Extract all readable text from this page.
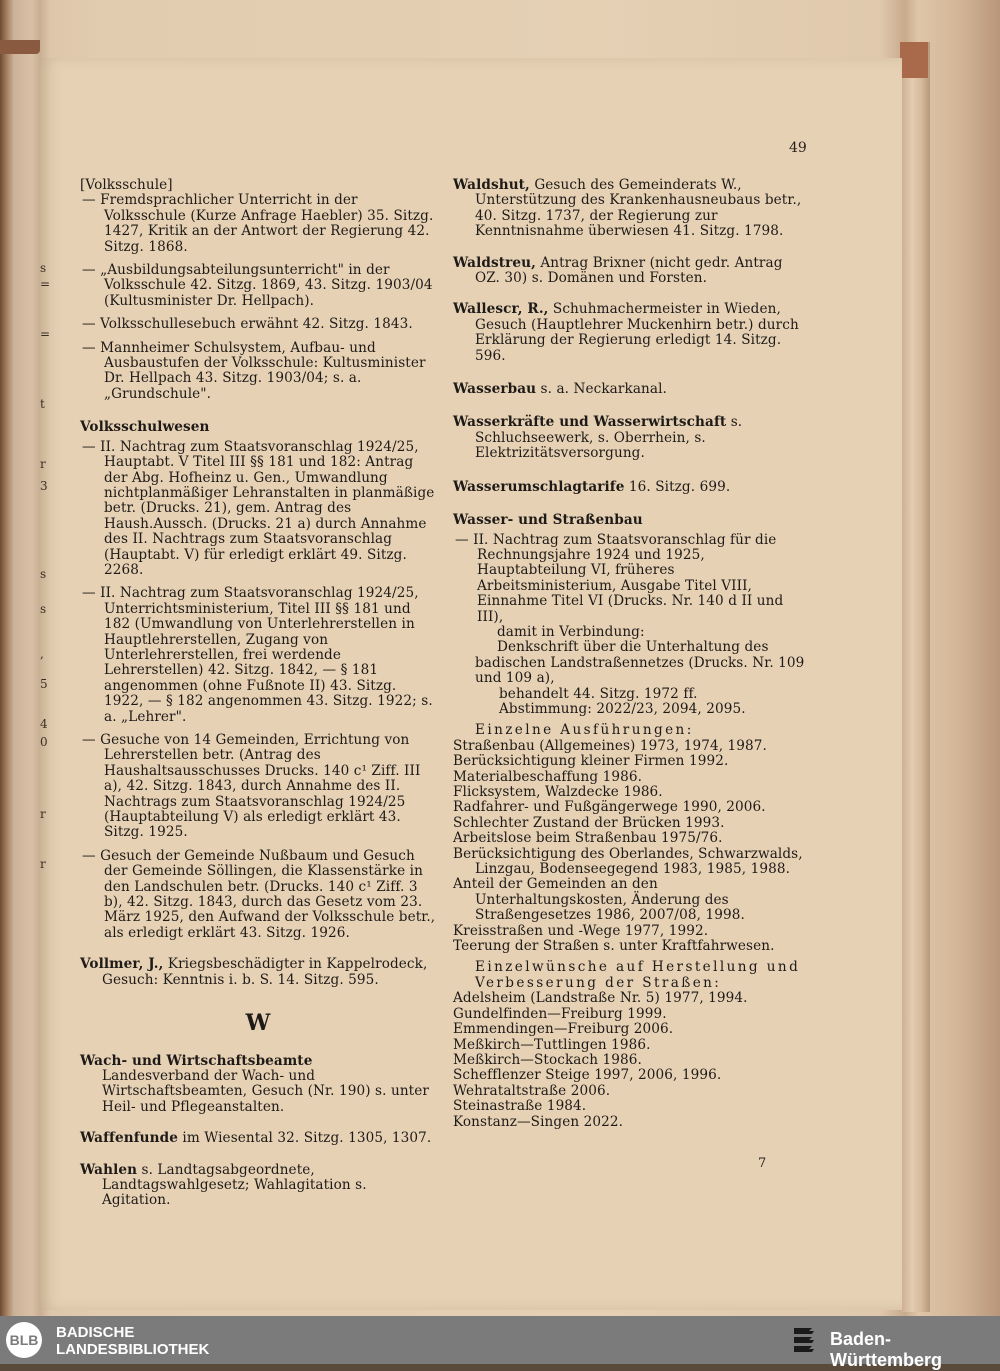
s
=
=
t
r
3
s
s
,
5
4
0
r
r
49

[Volksschule]

— Fremdsprachlicher Unterricht in der Volksschule (Kurze Anfrage Haebler) 35. Sitzg. 1427, Kritik an der Antwort der Regierung 42. Sitzg. 1868.

— „Ausbildungsabteilungsunterricht" in der Volksschule 42. Sitzg. 1869, 43. Sitzg. 1903/04 (Kultusminister Dr. Hellpach).

— Volksschullesebuch erwähnt 42. Sitzg. 1843.

— Mannheimer Schulsystem, Aufbau- und Ausbaustufen der Volksschule: Kultusminister Dr. Hellpach 43. Sitzg. 1903/04; s. a. „Grundschule".

Volksschulwesen

— II. Nachtrag zum Staatsvoranschlag 1924/25, Hauptabt. V Titel III §§ 181 und 182: Antrag der Abg. Hofheinz u. Gen., Umwandlung nichtplanmäßiger Lehranstalten in planmäßige betr. (Drucks. 21), gem. Antrag des Haush.Aussch. (Drucks. 21 a) durch Annahme des II. Nachtrags zum Staatsvoranschlag (Hauptabt. V) für erledigt erklärt 49. Sitzg. 2268.

— II. Nachtrag zum Staatsvoranschlag 1924/25, Unterrichtsministerium, Titel III §§ 181 und 182 (Umwandlung von Unterlehrerstellen in Hauptlehrerstellen, Zugang von Unterlehrerstellen, frei werdende Lehrerstellen) 42. Sitzg. 1842, — § 181 angenommen (ohne Fußnote II) 43. Sitzg. 1922, — § 182 angenommen 43. Sitzg. 1922; s. a. „Lehrer".

— Gesuche von 14 Gemeinden, Errichtung von Lehrerstellen betr. (Antrag des Haushaltsausschusses Drucks. 140 c¹ Ziff. III a), 42. Sitzg. 1843, durch Annahme des II. Nachtrags zum Staatsvoranschlag 1924/25 (Hauptabteilung V) als erledigt erklärt 43. Sitzg. 1925.

— Gesuch der Gemeinde Nußbaum und Gesuch der Gemeinde Söllingen, die Klassenstärke in den Landschulen betr. (Drucks. 140 c¹ Ziff. 3 b), 42. Sitzg. 1843, durch das Gesetz vom 23. März 1925, den Aufwand der Volksschule betr., als erledigt erklärt 43. Sitzg. 1926.

Vollmer, J., Kriegsbeschädigter in Kappelrodeck, Gesuch: Kenntnis i. b. S. 14. Sitzg. 595.

W

Wach- und Wirtschaftsbeamte

Landesverband der Wach- und Wirtschaftsbeamten, Gesuch (Nr. 190) s. unter Heil- und Pflegeanstalten.

Waffenfunde im Wiesental 32. Sitzg. 1305, 1307.

Wahlen s. Landtagsabgeordnete, Landtagswahlgesetz; Wahlagitation s. Agitation.

Waldshut, Gesuch des Gemeinderats W., Unterstützung des Krankenhausneubaus betr., 40. Sitzg. 1737, der Regierung zur Kenntnisnahme überwiesen 41. Sitzg. 1798.

Waldstreu, Antrag Brixner (nicht gedr. Antrag OZ. 30) s. Domänen und Forsten.

Wallescr, R., Schuhmachermeister in Wieden, Gesuch (Hauptlehrer Muckenhirn betr.) durch Erklärung der Regierung erledigt 14. Sitzg. 596.

Wasserbau s. a. Neckarkanal.

Wasserkräfte und Wasserwirtschaft s. Schluchseewerk, s. Oberrhein, s. Elektrizitätsversorgung.

Wasserumschlagtarife 16. Sitzg. 699.

Wasser- und Straßenbau

— II. Nachtrag zum Staatsvoranschlag für die Rechnungsjahre 1924 und 1925, Hauptabteilung VI, früheres Arbeitsministerium, Ausgabe Titel VIII, Einnahme Titel VI (Drucks. Nr. 140 d II und III),

damit in Verbindung:

Denkschrift über die Unterhaltung des badischen Landstraßennetzes (Drucks. Nr. 109 und 109 a),

behandelt 44. Sitzg. 1972 ff.

Abstimmung: 2022/23, 2094, 2095.

Einzelne Ausführungen:

Straßenbau (Allgemeines) 1973, 1974, 1987.

Berücksichtigung kleiner Firmen 1992.

Materialbeschaffung 1986.

Flicksystem, Walzdecke 1986.

Radfahrer- und Fußgängerwege 1990, 2006.

Schlechter Zustand der Brücken 1993.

Arbeitslose beim Straßenbau 1975/76.

Berücksichtigung des Oberlandes, Schwarzwalds, Linzgau, Bodenseegegend 1983, 1985, 1988.

Anteil der Gemeinden an den Unterhaltungskosten, Änderung des Straßengesetzes 1986, 2007/08, 1998.

Kreisstraßen und -Wege 1977, 1992.

Teerung der Straßen s. unter Kraftfahrwesen.

Einzelwünsche auf Herstellung und Verbesserung der Straßen:

Adelsheim (Landstraße Nr. 5) 1977, 1994.

Gundelfinden—Freiburg 1999.

Emmendingen—Freiburg 2006.

Meßkirch—Tuttlingen 1986.

Meßkirch—Stockach 1986.

Schefflenzer Steige 1997, 2006, 1996.

Wehrataltstraße 2006.

Steinastraße 1984.

Konstanz—Singen 2022.

7
BLB BADISCHE
LANDESBIBLIOTHEK
Baden-Württemberg
